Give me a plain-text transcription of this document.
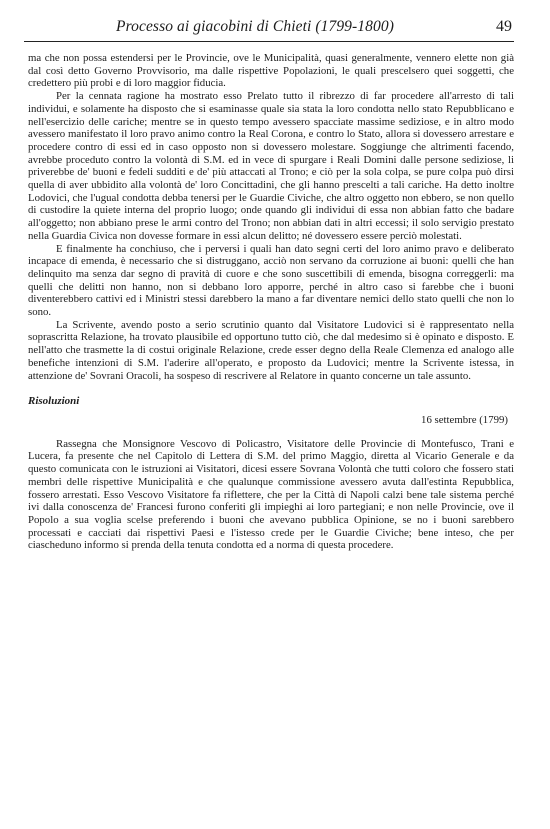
Processo ai giacobini di Chieti (1799-1800)	49

ma che non possa estendersi per le Provincie, ove le Municipalità, quasi generalmente, vennero elette non già dal così detto Governo Provvisorio, ma dalle rispettive Popolazioni, le quali prescelsero quei soggetti, che credettero più probi e di loro maggior fiducia.

Per la cennata ragione ha mostrato esso Prelato tutto il ribrezzo di far procedere all'arresto di tali individui, e solamente ha disposto che si esaminasse quale sia stata la loro condotta nello stato Repubblicano e nell'esercizio delle cariche; mentre se in questo tempo avessero spacciate massime sediziose, e in altro modo avessero manifestato il loro pravo animo contro la Real Corona, e contro lo Stato, allora si dovessero arrestare e procedere contro di essi ed in caso opposto non si dovessero molestare. Soggiunge che altrimenti facendo, avrebbe proceduto contro la volontà di S.M. ed in vece di spurgare i Reali Domini dalle persone sediziose, li priverebbe de' buoni e fedeli sudditi e de' più attaccati al Trono; e ciò per la sola colpa, se pure colpa può dirsi quella di aver ubbidito alla volontà de' loro Concittadini, che gli hanno prescelti a tali cariche. Ha detto inoltre Lodovici, che l'ugual condotta debba tenersi per le Guardie Civiche, che altro oggetto non ebbero, se non quello di custodire la quiete interna del proprio luogo; onde quando gli individui di essa non abbian fatto che badare all'oggetto; non abbiano prese le armi contro del Trono; non abbian dati in altri eccessi; il solo servigio prestato nella Guardia Civica non dovesse formare in essi alcun delitto; né dovessero essere perciò molestati.

E finalmente ha conchiuso, che i perversi i quali han dato segni certi del loro animo pravo e deliberato incapace di emenda, è necessario che si distruggano, acciò non servano da corruzione ai buoni: quelli che han delinquito ma senza dar segno di pravità di cuore e che sono suscettibili di emenda, bisogna correggerli: ma quelli che delitti non hanno, non si debbano loro apporre, perché in altro caso si farebbe che i buoni diventerebbero cattivi ed i Ministri stessi darebbero la mano a far diventare nemici dello stato quelli che non lo sono.

La Scrivente, avendo posto a serio scrutinio quanto dal Visitatore Ludovici si è rappresentato nella soprascritta Relazione, ha trovato plausibile ed opportuno tutto ciò, che dal medesimo si è opinato e disposto. E nell'atto che trasmette la di costui originale Relazione, crede esser degno della Reale Clemenza ed analogo alle benefiche intenzioni di S.M. l'aderire all'operato, e proposto da Ludovici; mentre la Scrivente istessa, in attenzione de' Sovrani Oracoli, ha sospeso di rescrivere al Relatore in quanto concerne un tale assunto.

Risoluzioni
16 settembre (1799)

Rassegna che Monsignore Vescovo di Policastro, Visitatore delle Provincie di Montefusco, Trani e Lucera, fa presente che nel Capitolo di Lettera di S.M. del primo Maggio, diretta al Vicario Generale e da questo comunicata con le istruzioni ai Visitatori, dicesi essere Sovrana Volontà che tutti coloro che fossero stati membri delle rispettive Municipalità e che qualunque commissione avessero avuta dall'estinta Repubblica, fossero arrestati. Esso Vescovo Visitatore fa riflettere, che per la Città di Napoli calzi bene tale sistema perché ivi dalla conoscenza de' Francesi furono conferiti gli impieghi ai loro partegiani; e non nelle Provincie, ove il Popolo a sua voglia scelse preferendo i buoni che avevano pubblica Opinione, se no i buoni sarebbero processati e cacciati dai rispettivi Paesi e l'istesso crede per le Guardie Civiche; bene inteso, che per ciascheduno informo si prenda della tenuta condotta ed a norma di questa procedere.
